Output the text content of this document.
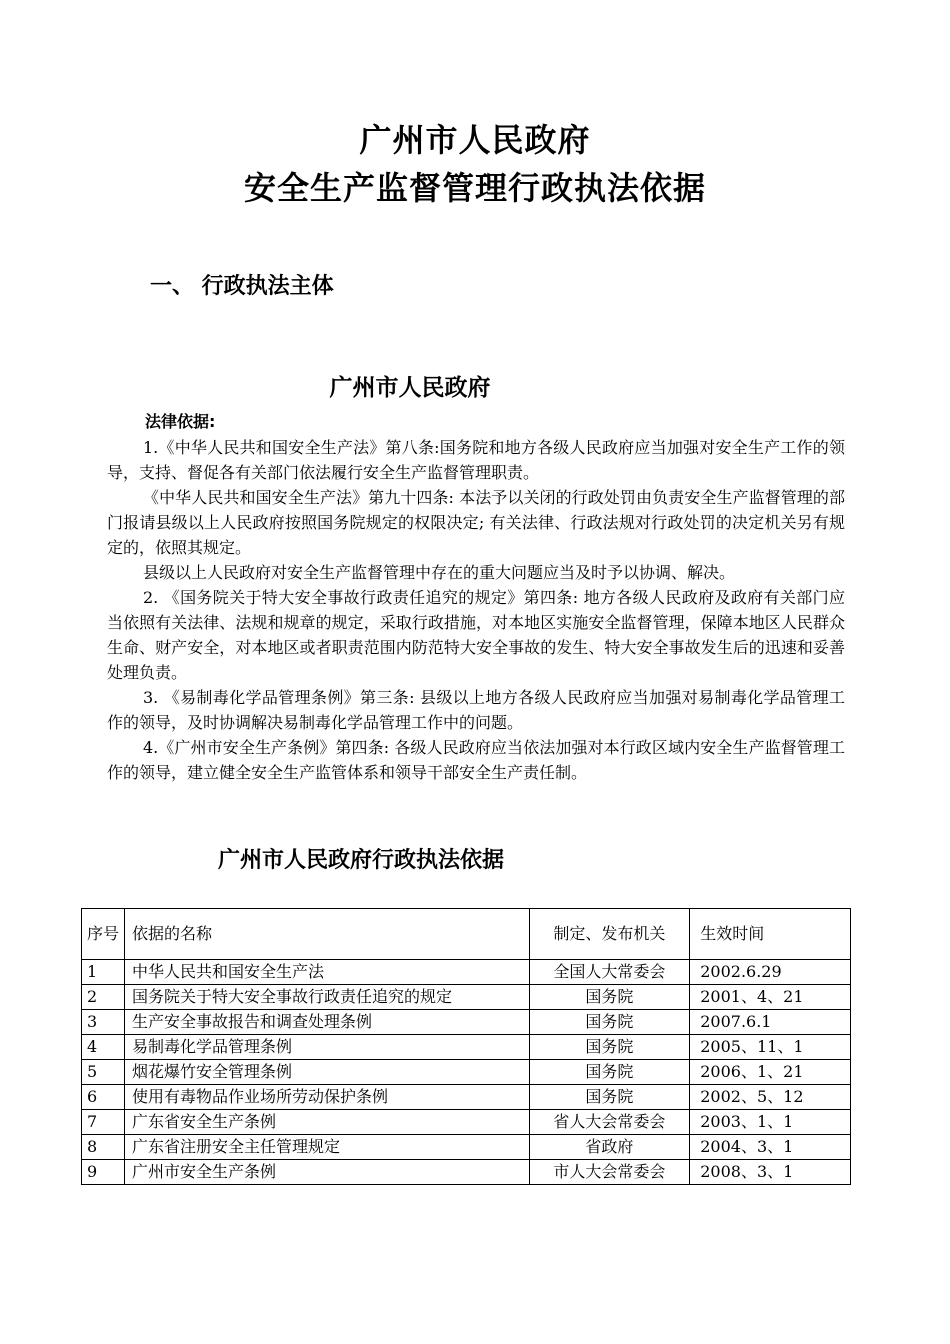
广州市人民政府
安全生产监督管理行政执法依据
一、 行政执法主体
广州市人民政府
法律依据:

1.《中华人民共和国安全生产法》第八条:国务院和地方各级人民政府应当加强对安全生产工作的领导，支持、督促各有关部门依法履行安全生产监督管理职责。

《中华人民共和国安全生产法》第九十四条: 本法予以关闭的行政处罚由负责安全生产监督管理的部门报请县级以上人民政府按照国务院规定的权限决定; 有关法律、行政法规对行政处罚的决定机关另有规定的，依照其规定。

县级以上人民政府对安全生产监督管理中存在的重大问题应当及时予以协调、解决。

2. 《国务院关于特大安全事故行政责任追究的规定》第四条: 地方各级人民政府及政府有关部门应当依照有关法律、法规和规章的规定，采取行政措施，对本地区实施安全监督管理，保障本地区人民群众生命、财产安全，对本地区或者职责范围内防范特大安全事故的发生、特大安全事故发生后的迅速和妥善处理负责。

3. 《易制毒化学品管理条例》第三条: 县级以上地方各级人民政府应当加强对易制毒化学品管理工作的领导，及时协调解决易制毒化学品管理工作中的问题。

4.《广州市安全生产条例》第四条: 各级人民政府应当依法加强对本行政区域内安全生产监督管理工作的领导，建立健全安全生产监管体系和领导干部安全生产责任制。

广州市人民政府行政执法依据
序号	依据的名称	制定、发布机关	生效时间
1	中华人民共和国安全生产法	全国人大常委会	2002.6.29
2	国务院关于特大安全事故行政责任追究的规定	国务院	2001、4、21
3	生产安全事故报告和调查处理条例	国务院	2007.6.1
4	易制毒化学品管理条例	国务院	2005、11、1
5	烟花爆竹安全管理条例	国务院	2006、1、21
6	使用有毒物品作业场所劳动保护条例	国务院	2002、5、12
7	广东省安全生产条例	省人大会常委会	2003、1、1
8	广东省注册安全主任管理规定	省政府	2004、3、1
9	广州市安全生产条例	市人大会常委会	2008、3、1
